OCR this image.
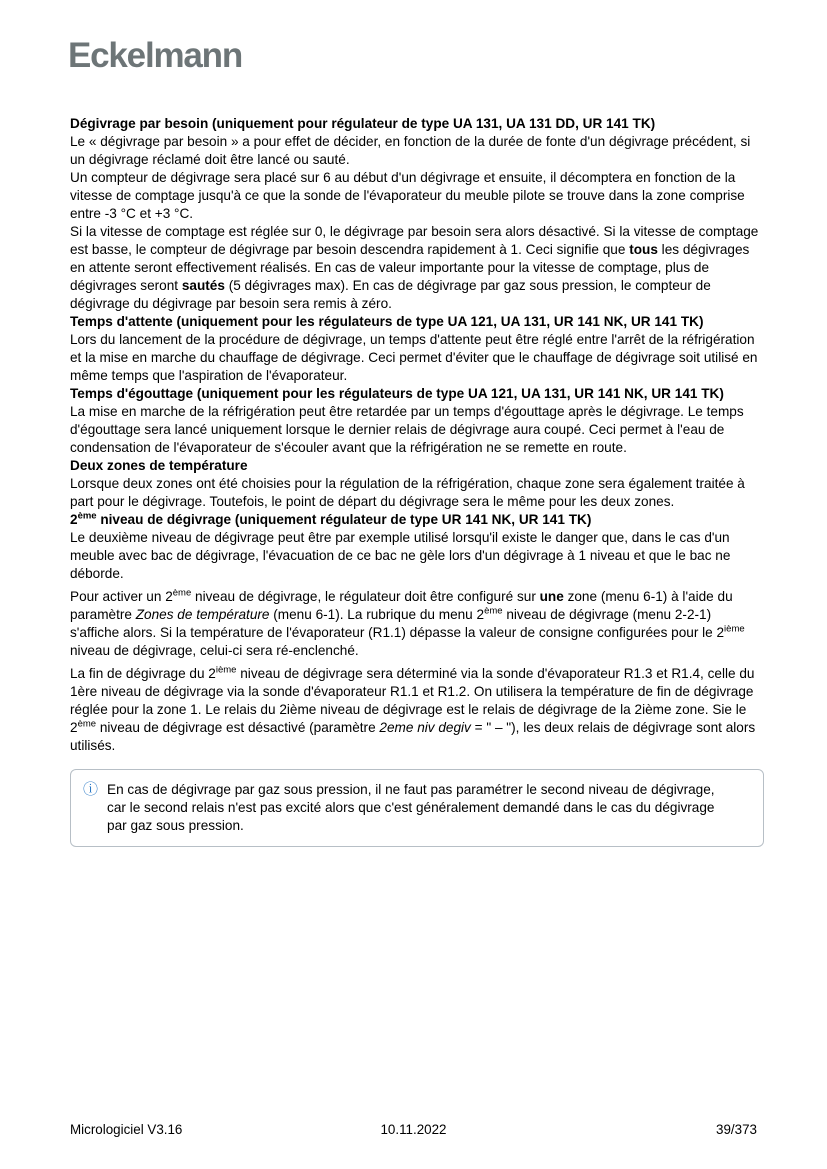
Eckelmann
Dégivrage par besoin (uniquement pour régulateur de type UA 131, UA 131 DD, UR 141 TK)

Le « dégivrage par besoin » a pour effet de décider, en fonction de la durée de fonte d'un dégivrage précédent, si un dégivrage réclamé doit être lancé ou sauté.

Un compteur de dégivrage sera placé sur 6 au début d'un dégivrage et ensuite, il décomptera en fonction de la vitesse de comptage jusqu'à ce que la sonde de l'évaporateur du meuble pilote se trouve dans la zone comprise entre -3 °C et +3 °C.

Si la vitesse de comptage est réglée sur 0, le dégivrage par besoin sera alors désactivé. Si la vitesse de comptage est basse, le compteur de dégivrage par besoin descendra rapidement à 1. Ceci signifie que tous les dégivrages en attente seront effectivement réalisés. En cas de valeur importante pour la vitesse de comptage, plus de dégivrages seront sautés (5 dégivrages max). En cas de dégivrage par gaz sous pression, le compteur de dégivrage du dégivrage par besoin sera remis à zéro.

Temps d'attente (uniquement pour les régulateurs de type UA 121, UA 131, UR 141 NK, UR 141 TK)

Lors du lancement de la procédure de dégivrage, un temps d'attente peut être réglé entre l'arrêt de la réfrigération et la mise en marche du chauffage de dégivrage. Ceci permet d'éviter que le chauffage de dégivrage soit utilisé en même temps que l'aspiration de l'évaporateur.

Temps d'égouttage (uniquement pour les régulateurs de type UA 121, UA 131, UR 141 NK, UR 141 TK)

La mise en marche de la réfrigération peut être retardée par un temps d'égouttage après le dégivrage. Le temps d'égouttage sera lancé uniquement lorsque le dernier relais de dégivrage aura coupé. Ceci permet à l'eau de condensation de l'évaporateur de s'écouler avant que la réfrigération ne se remette en route.

Deux zones de température

Lorsque deux zones ont été choisies pour la régulation de la réfrigération, chaque zone sera également traitée à part pour le dégivrage. Toutefois, le point de départ du dégivrage sera le même pour les deux zones.

2ème niveau de dégivrage (uniquement régulateur de type UR 141 NK, UR 141 TK)

Le deuxième niveau de dégivrage peut être par exemple utilisé lorsqu'il existe le danger que, dans le cas d'un meuble avec bac de dégivrage, l'évacuation de ce bac ne gèle lors d'un dégivrage à 1 niveau et que le bac ne déborde.

Pour activer un 2ème niveau de dégivrage, le régulateur doit être configuré sur une zone (menu 6-1) à l'aide du paramètre Zones de température (menu 6-1). La rubrique du menu 2ème niveau de dégivrage (menu 2-2-1) s'affiche alors. Si la température de l'évaporateur (R1.1) dépasse la valeur de consigne configurées pour le 2ième niveau de dégivrage, celui-ci sera ré-enclenché.

La fin de dégivrage du 2ième niveau de dégivrage sera déterminé via la sonde d'évaporateur R1.3 et R1.4, celle du 1ère niveau de dégivrage via la sonde d'évaporateur R1.1 et R1.2. On utilisera la température de fin de dégivrage réglée pour la zone 1. Le relais du 2ième niveau de dégivrage est le relais de dégivrage de la 2ième zone. Sie le 2ème niveau de dégivrage est désactivé (paramètre 2eme niv degiv = " – "), les deux relais de dégivrage sont alors utilisés.

ⓘ En cas de dégivrage par gaz sous pression, il ne faut pas paramétrer le second niveau de dégivrage, car le second relais n'est pas excité alors que c'est généralement demandé dans le cas du dégivrage par gaz sous pression.
10.11.2022
Micrologiciel V3.16	39/373
